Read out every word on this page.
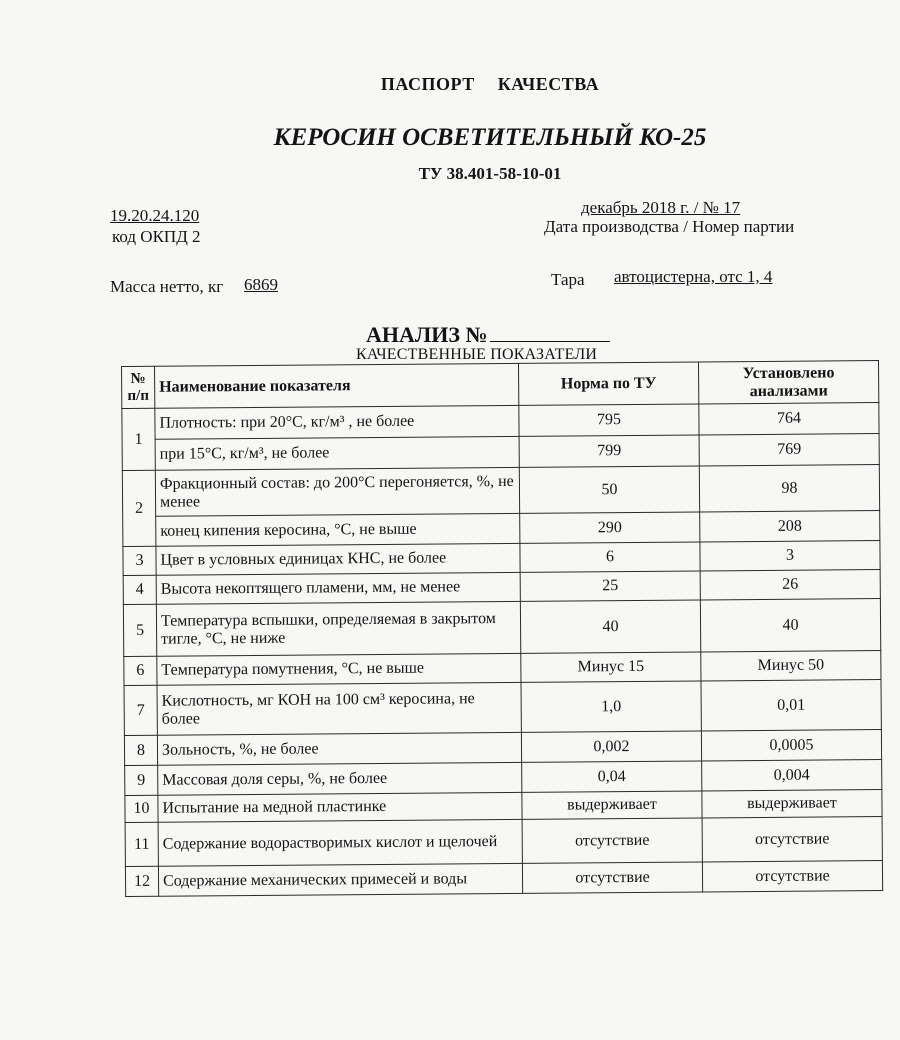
ПАСПОРТ КАЧЕСТВА
КЕРОСИН ОСВЕТИТЕЛЬНЫЙ КО-25
ТУ 38.401-58-10-01
19.20.24.120
код ОКПД 2
декабрь 2018 г. / № 17
Дата производства / Номер партии
Масса нетто, кг 6869	Тара автоцистерна, отс 1, 4
АНАЛИЗ №
КАЧЕСТВЕННЫЕ ПОКАЗАТЕЛИ
№ п/п	Наименование показателя	Норма по ТУ	Установлено анализами
1	Плотность: при 20°С, кг/м³ , не более	795	764
	при 15°С, кг/м³, не более	799	769
2	Фракционный состав: до 200°С перегоняется, %, не менее	50	98
	конец кипения керосина, °С, не выше	290	208
3	Цвет в условных единицах КНС, не более	6	3
4	Высота некоптящего пламени, мм, не менее	25	26
5	Температура вспышки, определяемая в закрытом тигле, °С, не ниже	40	40
6	Температура помутнения, °С, не выше	Минус 15	Минус 50
7	Кислотность, мг КОН на 100 см³ керосина, не более	1,0	0,01
8	Зольность, %, не более	0,002	0,0005
9	Массовая доля серы, %, не более	0,04	0,004
10	Испытание на медной пластинке	выдерживает	выдерживает
11	Содержание водорастворимых кислот и щелочей	отсутствие	отсутствие
12	Содержание механических примесей и воды	отсутствие	отсутствие
